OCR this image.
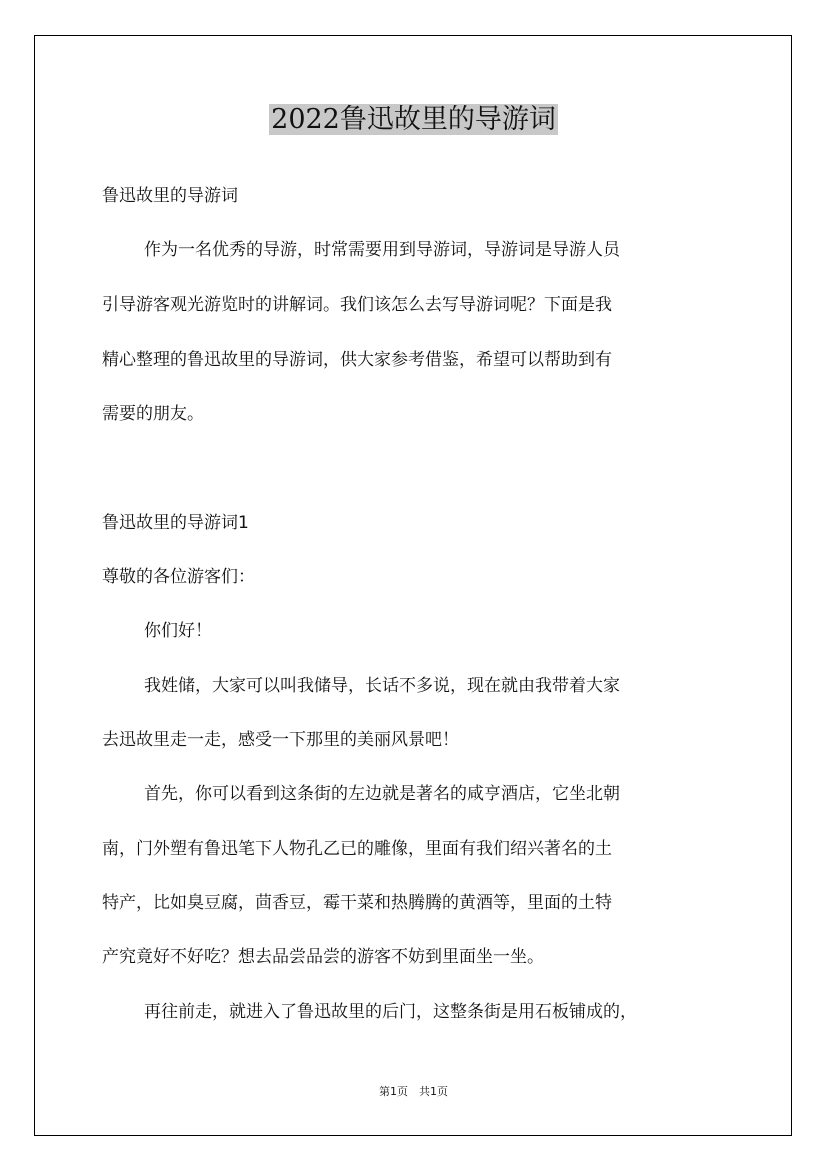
2022鲁迅故里的导游词
鲁迅故里的导游词
作为一名优秀的导游，时常需要用到导游词，导游词是导游人员
引导游客观光游览时的讲解词。我们该怎么去写导游词呢？下面是我
精心整理的鲁迅故里的导游词，供大家参考借鉴，希望可以帮助到有
需要的朋友。
鲁迅故里的导游词1
尊敬的各位游客们：
你们好！
我姓储，大家可以叫我储导，长话不多说，现在就由我带着大家
去迅故里走一走，感受一下那里的美丽风景吧！
首先，你可以看到这条街的左边就是著名的咸亨酒店，它坐北朝
南，门外塑有鲁迅笔下人物孔乙已的雕像，里面有我们绍兴著名的土
特产，比如臭豆腐，茴香豆，霉干菜和热腾腾的黄酒等，里面的土特
产究竟好不好吃？想去品尝品尝的游客不妨到里面坐一坐。
再往前走，就进入了鲁迅故里的后门，这整条街是用石板铺成的，
第1页　共1页
